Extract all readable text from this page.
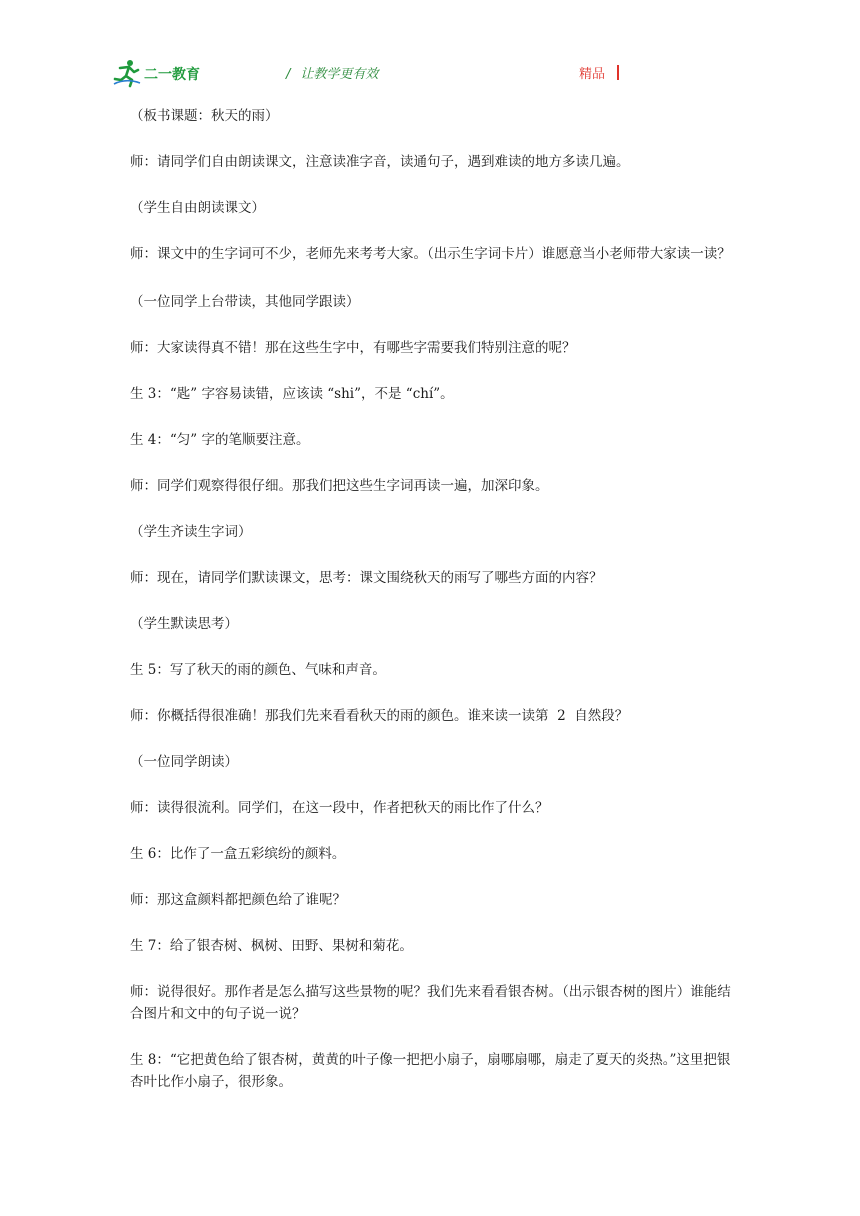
二一教育	/ 让教学更有效	精品

（板书课题：秋天的雨）

师：请同学们自由朗读课文，注意读准字音，读通句子，遇到难读的地方多读几遍。

（学生自由朗读课文）

师：课文中的生字词可不少，老师先来考考大家。（出示生字词卡片）谁愿意当小老师带大家读一读？

（一位同学上台带读，其他同学跟读）

师：大家读得真不错！那在这些生字中，有哪些字需要我们特别注意的呢？

生 3：“匙” 字容易读错，应该读 “shi”，不是 “chí”。

生 4：“匀” 字的笔顺要注意。

师：同学们观察得很仔细。那我们把这些生字词再读一遍，加深印象。

（学生齐读生字词）

师：现在，请同学们默读课文，思考：课文围绕秋天的雨写了哪些方面的内容？

（学生默读思考）

生 5：写了秋天的雨的颜色、气味和声音。

师：你概括得很准确！那我们先来看看秋天的雨的颜色。谁来读一读第  2  自然段？

（一位同学朗读）

师：读得很流利。同学们，在这一段中，作者把秋天的雨比作了什么？

生 6：比作了一盒五彩缤纷的颜料。

师：那这盒颜料都把颜色给了谁呢？

生 7：给了银杏树、枫树、田野、果树和菊花。

师：说得很好。那作者是怎么描写这些景物的呢？我们先来看看银杏树。（出示银杏树的图片）谁能结合图片和文中的句子说一说？

生 8：“它把黄色给了银杏树，黄黄的叶子像一把把小扇子，扇哪扇哪，扇走了夏天的炎热。”这里把银杏叶比作小扇子，很形象。
